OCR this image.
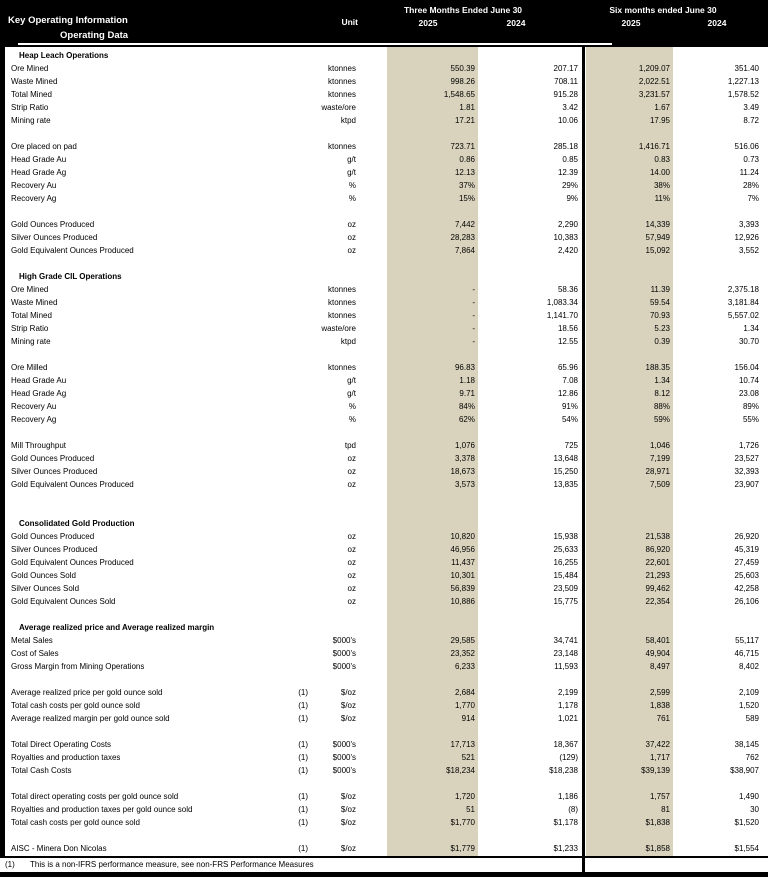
Three Months Ended June 30	Six months ended June 30
Key Operating Information	Unit	2025	2024	2025	2024
Operating Data
Heap Leach Operations
Ore Mined	ktonnes	550.39	207.17	1,209.07	351.40
Waste Mined	ktonnes	998.26	708.11	2,022.51	1,227.13
Total Mined	ktonnes	1,548.65	915.28	3,231.57	1,578.52
Strip Ratio	waste/ore	1.81	3.42	1.67	3.49
Mining rate	ktpd	17.21	10.06	17.95	8.72
Ore placed on pad	ktonnes	723.71	285.18	1,416.71	516.06
Head Grade Au	g/t	0.86	0.85	0.83	0.73
Head Grade Ag	g/t	12.13	12.39	14.00	11.24
Recovery Au	%	37%	29%	38%	28%
Recovery Ag	%	15%	9%	11%	7%
Gold Ounces Produced	oz	7,442	2,290	14,339	3,393
Silver Ounces Produced	oz	28,283	10,383	57,949	12,926
Gold Equivalent Ounces Produced	oz	7,864	2,420	15,092	3,552
High Grade CIL Operations
Ore Mined	ktonnes	-	58.36	11.39	2,375.18
Waste Mined	ktonnes	-	1,083.34	59.54	3,181.84
Total Mined	ktonnes	-	1,141.70	70.93	5,557.02
Strip Ratio	waste/ore	-	18.56	5.23	1.34
Mining rate	ktpd	-	12.55	0.39	30.70
Ore Milled	ktonnes	96.83	65.96	188.35	156.04
Head Grade Au	g/t	1.18	7.08	1.34	10.74
Head Grade Ag	g/t	9.71	12.86	8.12	23.08
Recovery Au	%	84%	91%	88%	89%
Recovery Ag	%	62%	54%	59%	55%
Mill Throughput	tpd	1,076	725	1,046	1,726
Gold Ounces Produced	oz	3,378	13,648	7,199	23,527
Silver Ounces Produced	oz	18,673	15,250	28,971	32,393
Gold Equivalent Ounces Produced	oz	3,573	13,835	7,509	23,907
Consolidated Gold Production
Gold Ounces Produced	oz	10,820	15,938	21,538	26,920
Silver Ounces Produced	oz	46,956	25,633	86,920	45,319
Gold Equivalent Ounces Produced	oz	11,437	16,255	22,601	27,459
Gold Ounces Sold	oz	10,301	15,484	21,293	25,603
Silver Ounces Sold	oz	56,839	23,509	99,462	42,258
Gold Equivalent Ounces Sold	oz	10,886	15,775	22,354	26,106
Average realized price and Average realized margin
Metal Sales	$000's	29,585	34,741	58,401	55,117
Cost of Sales	$000's	23,352	23,148	49,904	46,715
Gross Margin from Mining Operations	$000's	6,233	11,593	8,497	8,402
Average realized price per gold ounce sold	(1)	$/oz	2,684	2,199	2,599	2,109
Total cash costs per gold ounce sold	(1)	$/oz	1,770	1,178	1,838	1,520
Average realized margin per gold ounce sold	(1)	$/oz	914	1,021	761	589
Total Direct Operating Costs	(1)	$000's	17,713	18,367	37,422	38,145
Royalties and production taxes	(1)	$000's	521	(129)	1,717	762
Total Cash Costs	(1)	$000's	$18,234	$18,238	$39,139	$38,907
Total direct operating costs per gold ounce sold	(1)	$/oz	1,720	1,186	1,757	1,490
Royalties and production taxes per gold ounce sold	(1)	$/oz	51	(8)	81	30
Total cash costs per gold ounce sold	(1)	$/oz	$1,770	$1,178	$1,838	$1,520
AISC - Minera Don Nicolas	(1)	$/oz	$1,779	$1,233	$1,858	$1,554
(1) This is a non-IFRS performance measure, see non-FRS Performance Measures
